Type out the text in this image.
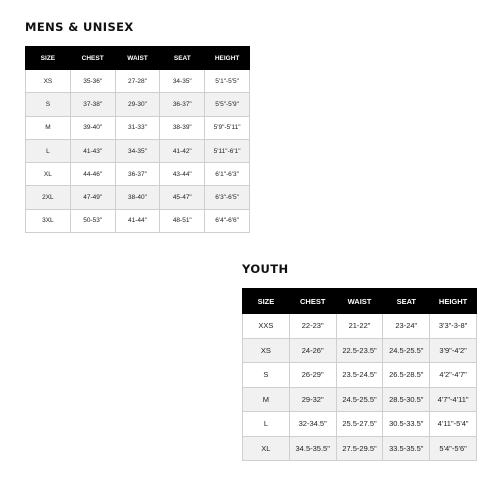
MENS & UNISEX
SIZE	CHEST	WAIST	SEAT	HEIGHT
XS	35-36"	27-28"	34-35"	5'1"-5'5"
S	37-38"	29-30"	36-37"	5'5"-5'9"
M	39-40"	31-33"	38-39"	5'9"-5'11"
L	41-43"	34-35"	41-42"	5'11"-6'1"
XL	44-46"	36-37"	43-44"	6'1"-6'3"
2XL	47-49"	38-40"	45-47"	6'3"-6'5"
3XL	50-53"	41-44"	48-51"	6'4"-6'6"
YOUTH
SIZE	CHEST	WAIST	SEAT	HEIGHT
XXS	22-23"	21-22"	23-24"	3'3"-3-8"
XS	24-26"	22.5-23.5"	24.5-25.5"	3'9"-4'2"
S	26-29"	23.5-24.5"	26.5-28.5"	4'2"-4'7"
M	29-32"	24.5-25.5"	28.5-30.5"	4'7"-4'11"
L	32-34.5"	25.5-27.5"	30.5-33.5"	4'11"-5'4"
XL	34.5-35.5"	27.5-29.5"	33.5-35.5"	5'4"-5'6"
